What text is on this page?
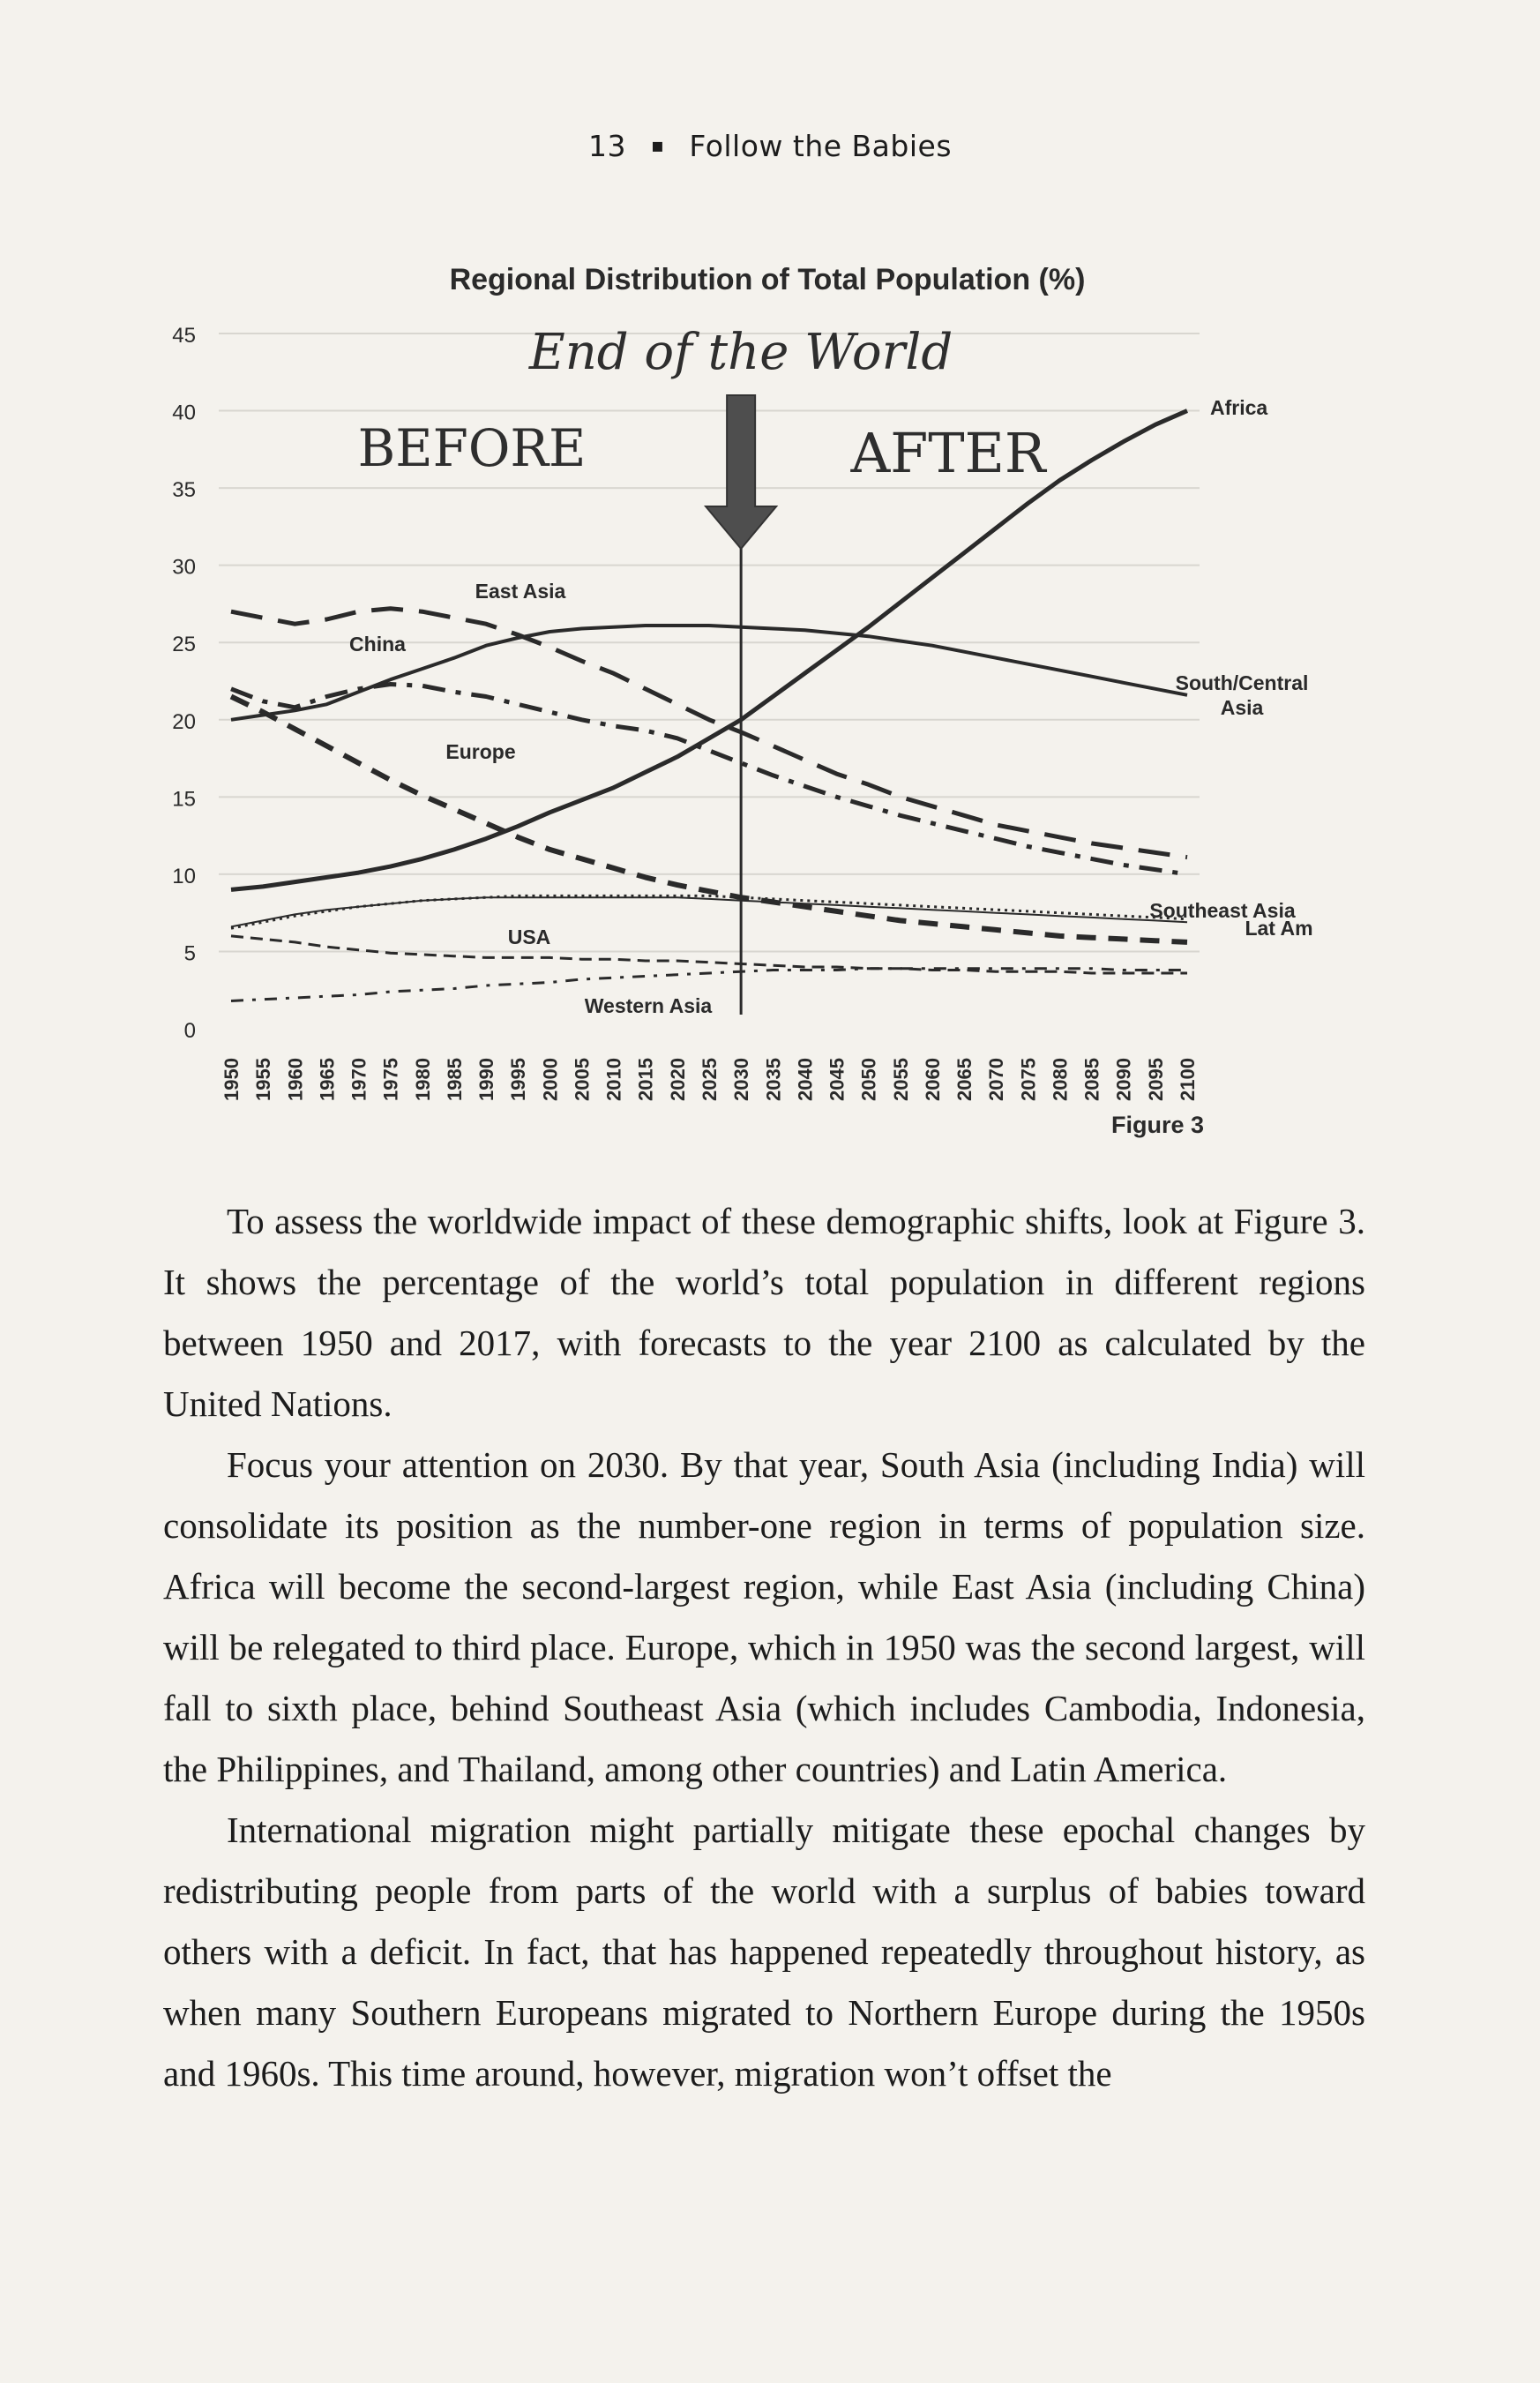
13 ▪ Follow the Babies
Regional Distribution of Total Population (%)
End of the World
BEFORE	AFTER
0
5
10
15
20
25
30
35
40
45
1950 1955 1960 1965 1970 1975 1980 1985 1990 1995 2000 2005 2010 2015 2020 2025 2030 2035 2040 2045 2050 2055 2060 2065 2070 2075 2080 2085 2090 2095 2100
Africa
South/Central Asia
East Asia
China
Europe
Southeast Asia
Lat Am
USA
Western Asia
Figure 3

To assess the worldwide impact of these demographic shifts, look at Figure 3. It shows the percentage of the world’s total population in different regions between 1950 and 2017, with forecasts to the year 2100 as calculated by the United Nations.

Focus your attention on 2030. By that year, South Asia (including India) will consolidate its position as the number-one region in terms of population size. Africa will become the second-largest region, while East Asia (including China) will be relegated to third place. Europe, which in 1950 was the second largest, will fall to sixth place, behind Southeast Asia (which includes Cambodia, Indonesia, the Philippines, and Thailand, among other countries) and Latin America.

International migration might partially mitigate these epochal changes by redistributing people from parts of the world with a surplus of babies toward others with a deficit. In fact, that has happened repeatedly throughout history, as when many Southern Europeans migrated to Northern Europe during the 1950s and 1960s. This time around, however, migration won’t offset the
